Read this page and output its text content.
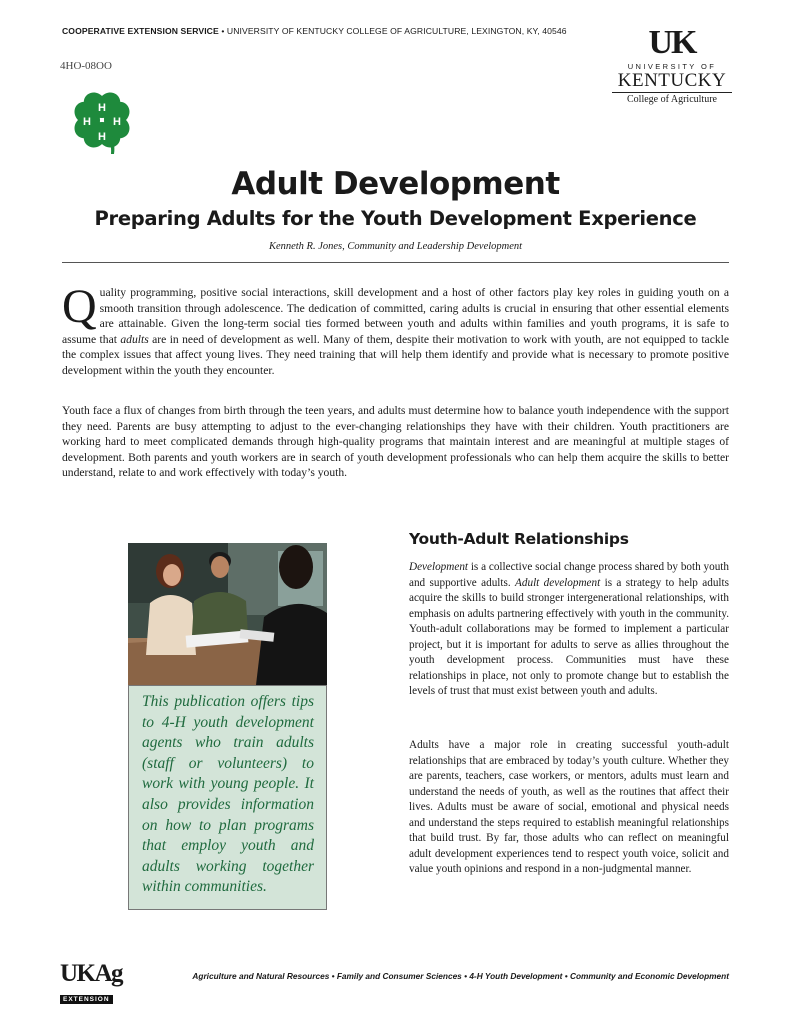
COOPERATIVE EXTENSION SERVICE • UNIVERSITY OF KENTUCKY COLLEGE OF AGRICULTURE, LEXINGTON, KY, 40546
4HO-08OO
H
H
H H
UK
UNIVERSITY OF
KENTUCKY
College of Agriculture
Adult Development
Preparing Adults for the Youth Development Experience
Kenneth R. Jones, Community and Leadership Development
Quality programming, positive social interactions, skill development and a host of other factors play key roles in guiding youth on a smooth transition through adolescence. The dedication of committed, caring adults is crucial in ensuring that other essential elements are attainable. Given the long-term social ties formed between youth and adults within families and youth programs, it is safe to assume that adults are in need of development as well. Many of them, despite their motivation to work with youth, are not equipped to tackle the complex issues that affect young lives. They need training that will help them identify and provide what is necessary to promote positive development within the youth they encounter.
Youth face a flux of changes from birth through the teen years, and adults must determine how to balance youth independence with the support they need. Parents are busy attempting to adjust to the ever-changing relationships they have with their children. Youth practitioners are working hard to meet complicated demands through high-quality programs that maintain interest and are meaningful at multiple stages of development. Both parents and youth workers are in search of youth development professionals who can help them acquire the skills to better understand, relate to and work effectively with today’s youth.

This publication offers tips to 4-H youth development agents who train adults (staff or volunteers) to work with young people. It also provides information on how to plan programs that employ youth and adults working together within communities.

Youth-Adult Relationships
Development is a collective social change process shared by both youth and supportive adults. Adult development is a strategy to help adults acquire the skills to build stronger intergenerational relationships, with emphasis on adults partnering effectively with youth in the community. Youth-adult collaborations may be formed to implement a particular project, but it is important for adults to serve as allies throughout the youth development process. Communities must have these relationships in place, not only to promote change but to establish the levels of trust that must exist between youth and adults.
Adults have a major role in creating successful youth-adult relationships that are embraced by today’s youth culture. Whether they are parents, teachers, case workers, or mentors, adults must learn and understand the needs of youth, as well as the routines that affect their lives. Adults must be aware of social, emotional and physical needs and understand the steps required to establish meaningful relationships that build trust. By far, those adults who can reflect on meaningful adult development experiences tend to respect youth voice, solicit and value youth opinions and respond in a non-judgmental manner.
UKAg
EXTENSION
Agriculture and Natural Resources • Family and Consumer Sciences • 4-H Youth Development • Community and Economic Development
